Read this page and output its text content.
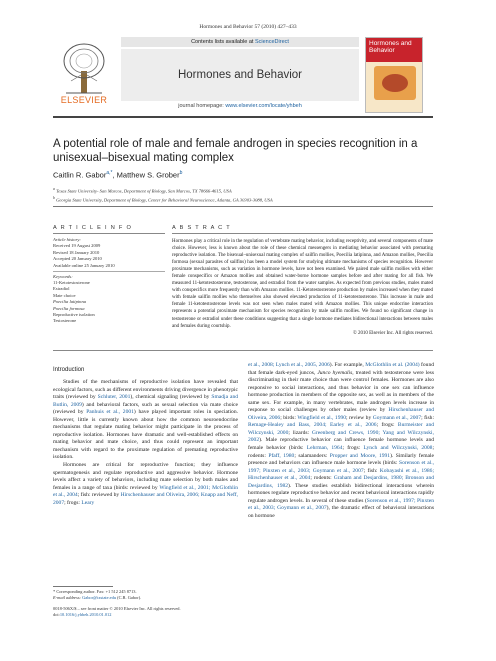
Hormones and Behavior 57 (2010) 427–433
ELSEVIER
Contents lists available at ScienceDirect
Hormones and Behavior
journal homepage: www.elsevier.com/locate/yhbeh
Hormones and Behavior
A potential role of male and female androgen in species recognition in a unisexual–bisexual mating complex
Caitlin R. Gabor$^{a,*}$, Matthew S. Grober$^b$
$^a$ Texas State University- San Marcos, Department of Biology, San Marcos, TX 78666-4615, USA
$^b$ Georgia State University, Department of Biology, Center for Behavioral Neuroscience, Atlanta, GA 30303-3088, USA
A R T I C L E I N F O	A B S T R A C T
Article history:
Received 19 August 2009
Revised 18 January 2010
Accepted 20 January 2010
Available online 25 January 2010
Keywords:
11-Ketotestosterone
Estradiol
Mate choice
Poecilia latipinna
Poecilia formosa
Reproductive isolation
Testosterone
Hormones play a critical role in the regulation of vertebrate mating behavior, including receptivity, and several components of mate choice. However, less is known about the role of these chemical messengers in mediating behavior associated with premating reproductive isolation. The bisexual–unisexual mating complex of sailfin mollies, Poecilia latipinna, and Amazon mollies, Poecilia formosa (sexual parasites of sailfins) has been a model system for studying ultimate mechanisms of species recognition. However proximate mechanisms, such as variation in hormone levels, have not been examined. We paired male sailfin mollies with either female conspecifics or Amazon mollies and obtained water-borne hormone samples before and after mating for all fish. We measured 11-ketotestosterone, testosterone, and estradiol from the water samples. As expected from previous studies, males mated with conspecifics more frequently than with Amazon mollies. 11-Ketotestosterone production by males increased when they mated with female sailfin mollies who themselves also showed elevated production of 11-ketotestosterone. This increase in male and female 11-ketotestosterone levels was not seen when males mated with Amazon mollies. This unique endocrine interaction represents a potential proximate mechanism for species recognition by male sailfin mollies. We found no significant change in testosterone or estradiol under these conditions suggesting that a single hormone mediates bidirectional interactions between males and females during courtship.
© 2010 Elsevier Inc. All rights reserved.
Introduction

Studies of the mechanisms of reproductive isolation have revealed that ecological factors, such as different environments driving divergence in phenotypic traits (reviewed by Schluter, 2001), chemical signaling (reviewed by Smadja and Butlin, 2009) and behavioral factors, such as sexual selection via mate choice (reviewed by Panhuis et al., 2001) have played important roles in speciation. However, little is currently known about how the common neuroendocrine mechanisms that regulate mating behavior might participate in the process of reproductive isolation. Hormones have dramatic and well-established effects on mating behavior and mate choice, and thus could represent an important mechanism with regard to the proximate regulation of premating reproductive isolation.

Hormones are critical for reproductive function; they influence spermatogenesis and regulate reproductive and aggressive behavior. Hormone levels affect a variety of behaviors, including mate selection by both males and females in a range of taxa (birds: reviewed by Wingfield et al., 2001; McGlothlin et al., 2004; fish: reviewed by Hirschenhauser and Oliveira, 2006; Knapp and Neff, 2007; frogs: Leary

et al., 2008; Lynch et al., 2005, 2006). For example, McGlothlin et al. (2004) found that female dark-eyed juncos, Junco hyemalis, treated with testosterone were less discriminating in their mate choice than were control females. Hormones are also responsive to social interactions, and thus behavior in one sex can influence hormone production in members of the opposite sex, as well as in members of the same sex. For example, in many vertebrates, male androgen levels increase in response to social challenges by other males (review by Hirschenhauser and Oliveira, 2006; birds: Wingfield et al., 1990; review by Goymann et al., 2007; fish: Remage-Healey and Bass, 2004; Earley et al., 2006; frogs: Burmeister and Wilczynski, 2000; lizards: Greenberg and Crews, 1990; Yang and Wilczynski, 2002). Male reproductive behavior can influence female hormone levels and female behavior (birds: Lehrman, 1964; frogs: Lynch and Wilczynski, 2008; rodents: Pfaff, 1980; salamanders: Propper and Moore, 1991). Similarly female presence and behaviors can influence male hormone levels (birds: Sorenson et al., 1997; Pinxten et al., 2003; Goymann et al., 2007; fish: Kobayashi et al., 1986; Hirschenhauser et al., 2004; rodents: Graham and Desjardins, 1980; Bronson and Desjardins, 1982). These studies establish bidirectional interactions wherein hormones regulate reproductive behavior and recent behavioral interactions rapidly regulate androgen levels. In several of these studies (Sorenson et al., 1997; Pinxten et al., 2003; Goymann et al., 2007), the dramatic effect of behavioral interactions on hormone

* Corresponding author. Fax: +1 512 245 8713.
E-mail address: Gabor@txstate.edu (C.R. Gabor).
0018-506X/$ – see front matter © 2010 Elsevier Inc. All rights reserved.
doi:10.1016/j.yhbeh.2010.01.012
